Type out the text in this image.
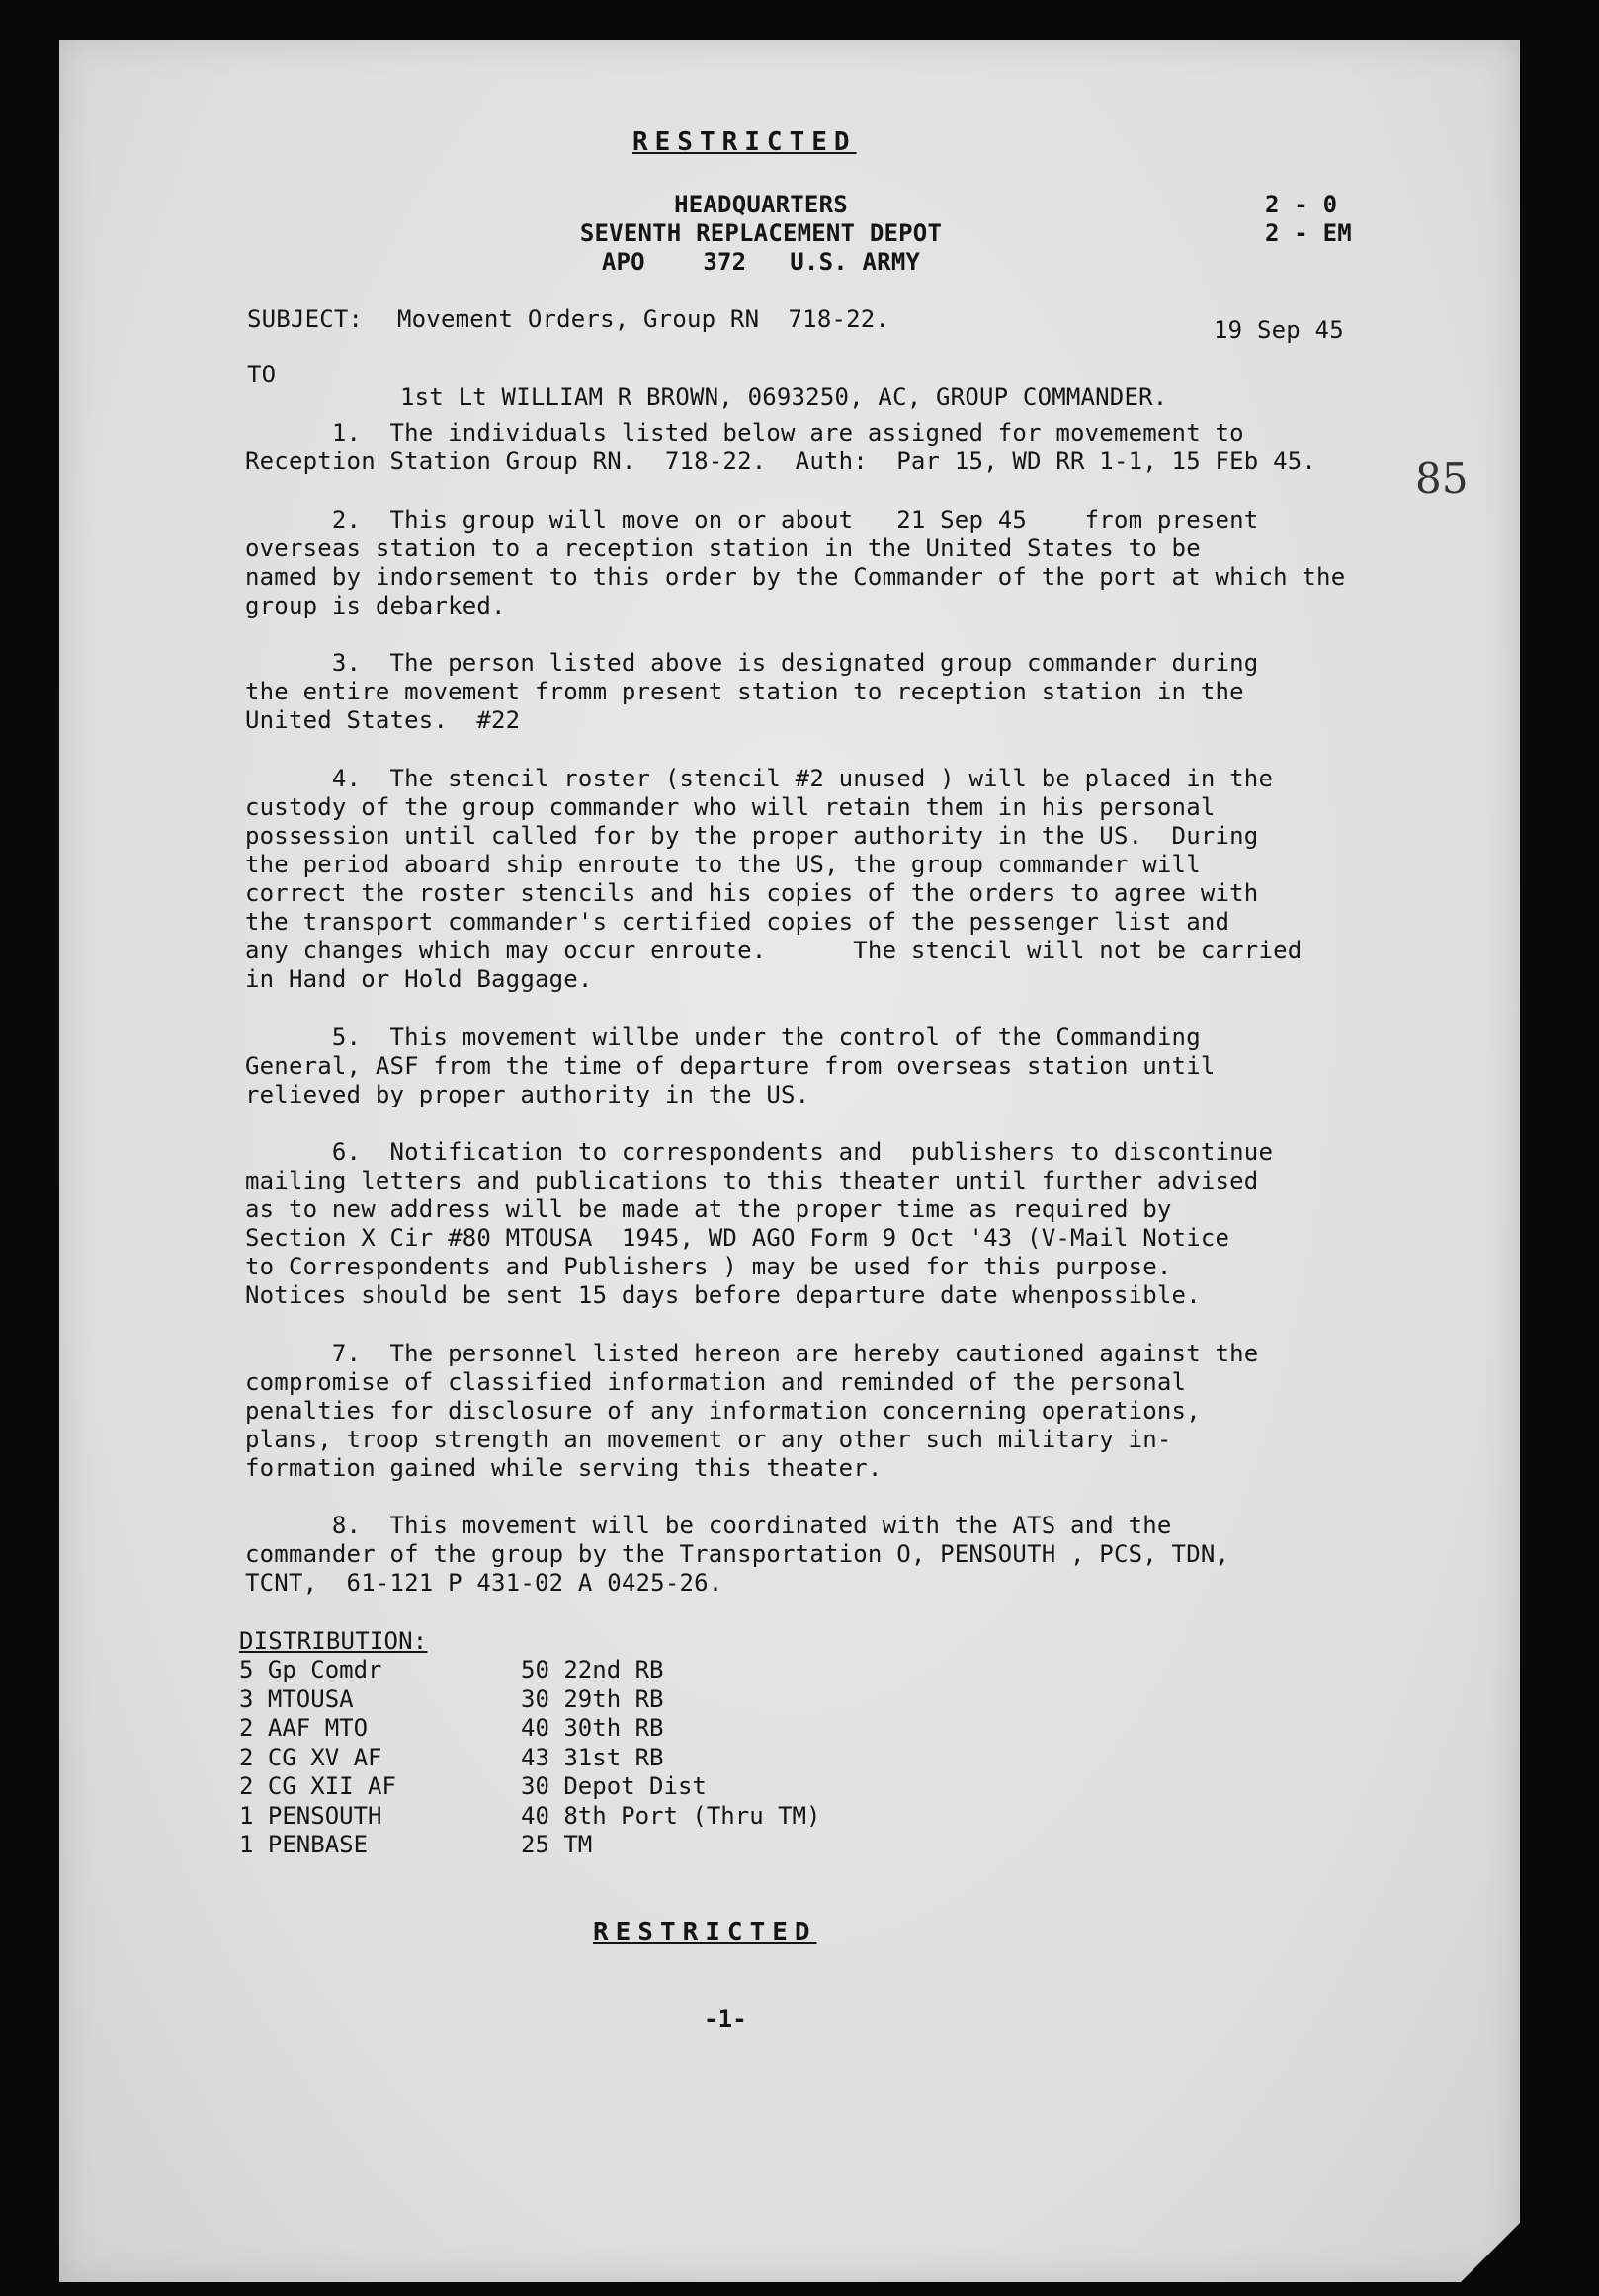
RESTRICTED

HEADQUARTERS

SEVENTH REPLACEMENT DEPOT

APO    372   U.S. ARMY

2 - 0

2 - EM

SUBJECT: Movement Orders, Group RN  718-22.	19 Sep 45

TO

1st Lt WILLIAM R BROWN, 0693250, AC, GROUP COMMANDER.

85

1.  The individuals listed below are assigned for movemement to

Reception Station Group RN.  718-22.  Auth:  Par 15, WD RR 1-1, 15 FEb 45.

2.  This group will move on or about   21 Sep 45    from present

overseas station to a reception station in the United States to be

named by indorsement to this order by the Commander of the port at which the

group is debarked.

3.  The person listed above is designated group commander during

the entire movement fromm present station to reception station in the

United States.  #22

4.  The stencil roster (stencil #2 unused ) will be placed in the

custody of the group commander who will retain them in his personal

possession until called for by the proper authority in the US.  During

the period aboard ship enroute to the US, the group commander will

correct the roster stencils and his copies of the orders to agree with

the transport commander's certified copies of the pessenger list and

any changes which may occur enroute.      The stencil will not be carried

in Hand or Hold Baggage.

5.  This movement willbe under the control of the Commanding

General, ASF from the time of departure from overseas station until

relieved by proper authority in the US.

6.  Notification to correspondents and  publishers to discontinue

mailing letters and publications to this theater until further advised

as to new address will be made at the proper time as required by

Section X Cir #80 MTOUSA  1945, WD AGO Form 9 Oct '43 (V-Mail Notice

to Correspondents and Publishers ) may be used for this purpose.

Notices should be sent 15 days before departure date whenpossible.

7.  The personnel listed hereon are hereby cautioned against the

compromise of classified information and reminded of the personal

penalties for disclosure of any information concerning operations,

plans, troop strength an movement or any other such military in-

formation gained while serving this theater.

8.  This movement will be coordinated with the ATS and the

commander of the group by the Transportation O, PENSOUTH , PCS, TDN,

TCNT,  61-121 P 431-02 A 0425-26.

DISTRIBUTION:

5 Gp Comdr
3 MTOUSA
2 AAF MTO
2 CG XV AF
2 CG XII AF
1 PENSOUTH
1 PENBASE
50 22nd RB
30 29th RB
40 30th RB
43 31st RB
30 Depot Dist
40 8th Port (Thru TM)
25 TM

RESTRICTED

-1-
